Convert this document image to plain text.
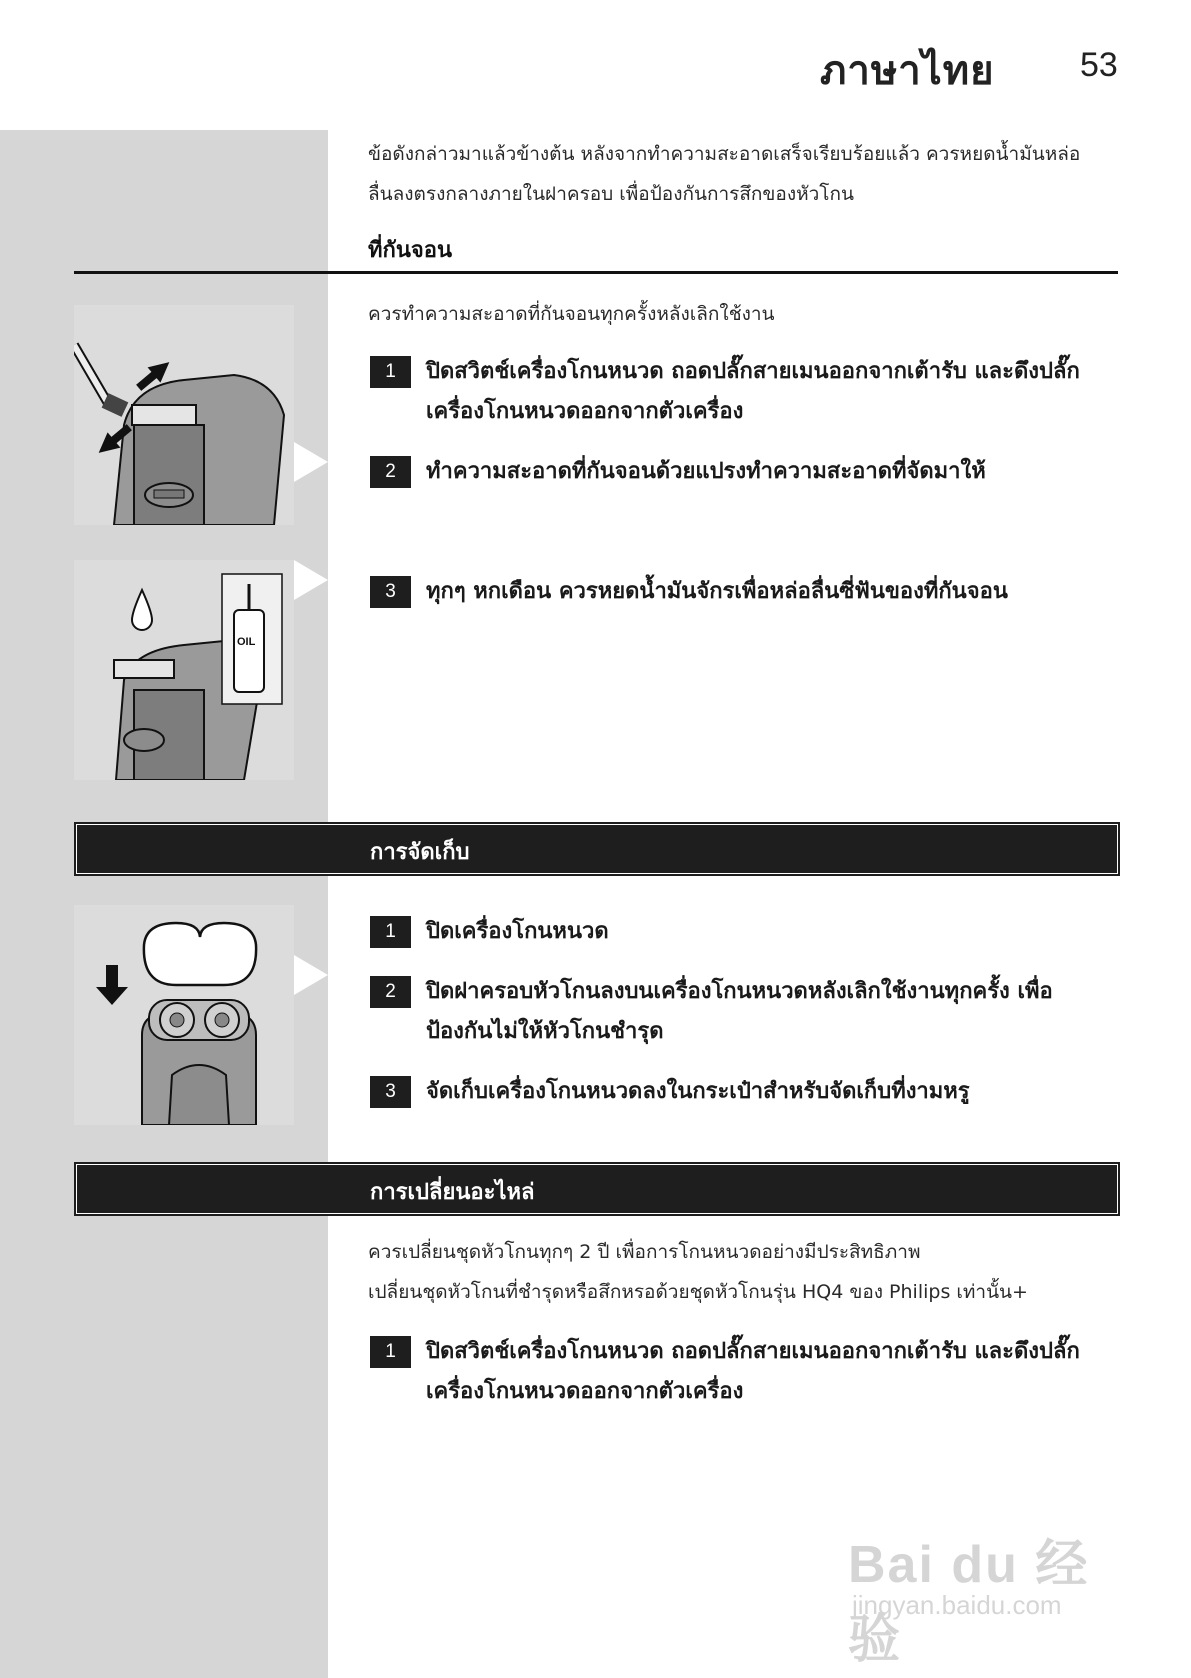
ภาษาไทย	53
ข้อดังกล่าวมาแล้วข้างต้น หลังจากทำความสะอาดเสร็จเรียบร้อยแล้ว ควรหยดน้ำมันหล่อ
ลื่นลงตรงกลางภายในฝาครอบ เพื่อป้องกันการสึกของหัวโกน
ที่กันจอน
ควรทำความสะอาดที่กันจอนทุกครั้งหลังเลิกใช้งาน
1	ปิดสวิตช์เครื่องโกนหนวด ถอดปลั๊กสายเมนออกจากเต้ารับ และดึงปลั๊กเครื่องโกนหนวดออกจากตัวเครื่อง
2	ทำความสะอาดที่กันจอนด้วยแปรงทำความสะอาดที่จัดมาให้
3	ทุกๆ หกเดือน ควรหยดน้ำมันจักรเพื่อหล่อลื่นซี่ฟันของที่กันจอน
OIL
การจัดเก็บ
1	ปิดเครื่องโกนหนวด
2	ปิดฝาครอบหัวโกนลงบนเครื่องโกนหนวดหลังเลิกใช้งานทุกครั้ง เพื่อป้องกันไม่ให้หัวโกนชำรุด
3	จัดเก็บเครื่องโกนหนวดลงในกระเป๋าสำหรับจัดเก็บที่งามหรู
การเปลี่ยนอะไหล่
ควรเปลี่ยนชุดหัวโกนทุกๆ 2 ปี เพื่อการโกนหนวดอย่างมีประสิทธิภาพ
เปลี่ยนชุดหัวโกนที่ชำรุดหรือสึกหรอด้วยชุดหัวโกนรุ่น HQ4 ของ Philips เท่านั้น+
1	ปิดสวิตช์เครื่องโกนหนวด ถอดปลั๊กสายเมนออกจากเต้ารับ และดึงปลั๊กเครื่องโกนหนวดออกจากตัวเครื่อง
Bai du 经验
jingyan.baidu.com
